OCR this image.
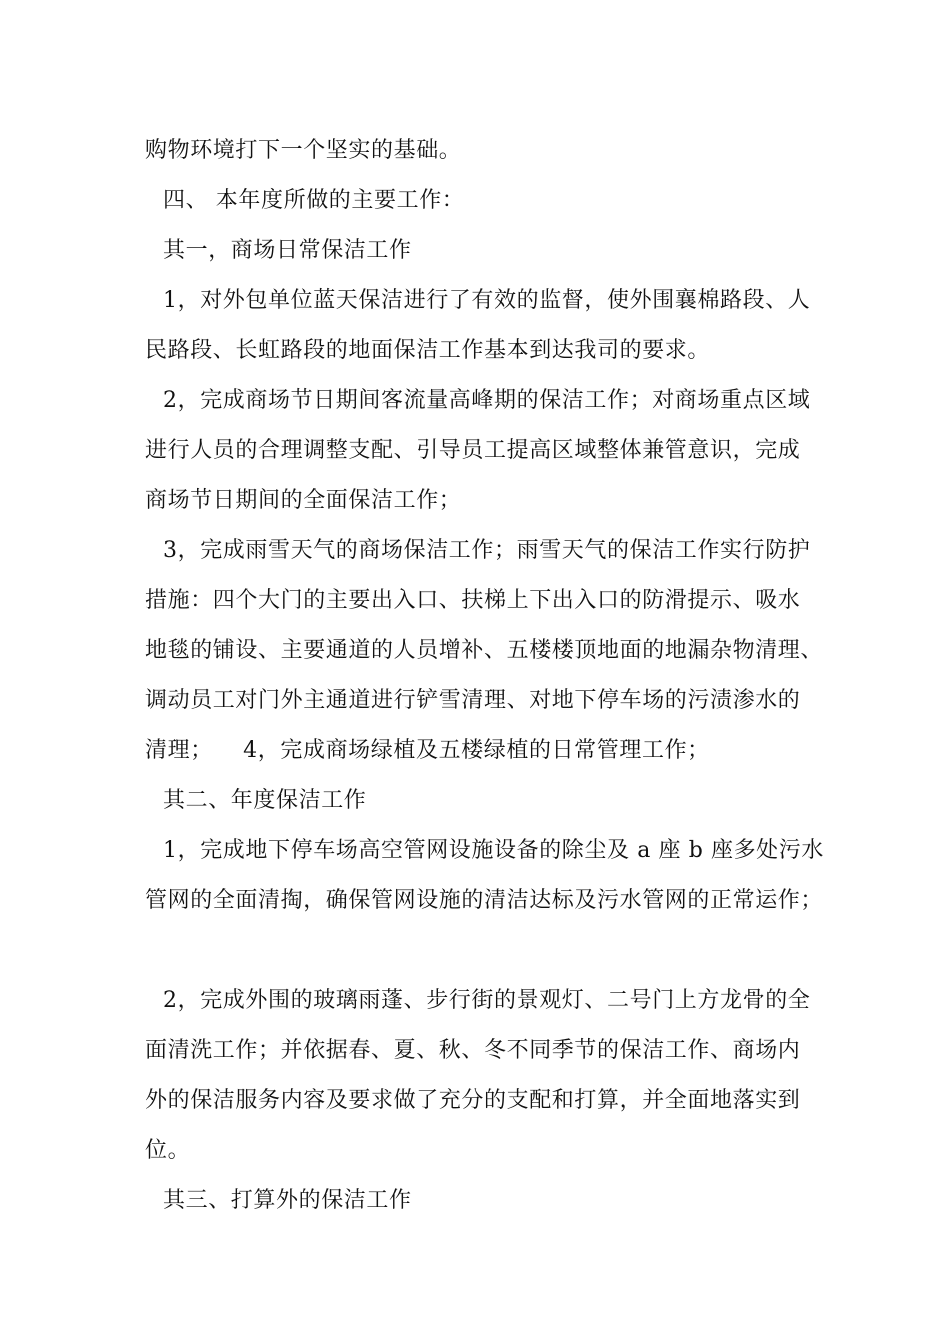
购物环境打下一个坚实的基础。
四、 本年度所做的主要工作：
其一，商场日常保洁工作
1，对外包单位蓝天保洁进行了有效的监督，使外围襄棉路段、人
民路段、长虹路段的地面保洁工作基本到达我司的要求。
2，完成商场节日期间客流量高峰期的保洁工作；对商场重点区域
进行人员的合理调整支配、引导员工提高区域整体兼管意识，完成
商场节日期间的全面保洁工作；
3，完成雨雪天气的商场保洁工作；雨雪天气的保洁工作实行防护
措施：四个大门的主要出入口、扶梯上下出入口的防滑提示、吸水
地毯的铺设、主要通道的人员增补、五楼楼顶地面的地漏杂物清理、
调动员工对门外主通道进行铲雪清理、对地下停车场的污渍渗水的
清理；    4，完成商场绿植及五楼绿植的日常管理工作；
其二、年度保洁工作
1，完成地下停车场高空管网设施设备的除尘及 a 座 b 座多处污水
管网的全面清掏，确保管网设施的清洁达标及污水管网的正常运作；
2，完成外围的玻璃雨蓬、步行街的景观灯、二号门上方龙骨的全
面清洗工作；并依据春、夏、秋、冬不同季节的保洁工作、商场内
外的保洁服务内容及要求做了充分的支配和打算，并全面地落实到
位。
其三、打算外的保洁工作
